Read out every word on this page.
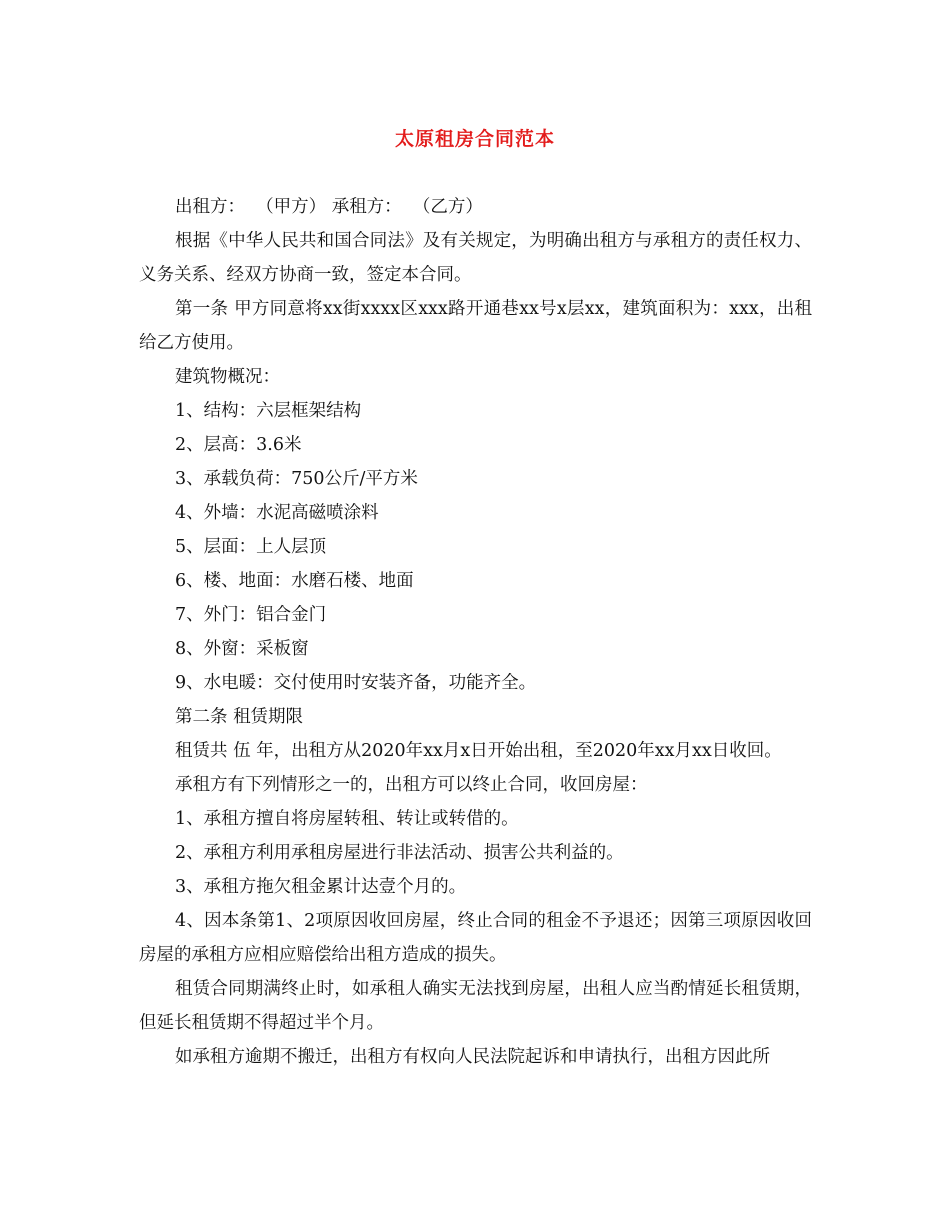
太原租房合同范本

出租方：  （甲方） 承租方：  （乙方）

根据《中华人民共和国合同法》及有关规定，为明确出租方与承租方的责任权力、义务关系、经双方协商一致，签定本合同。

第一条 甲方同意将xx街xxxx区xxx路开通巷xx号x层xx，建筑面积为：xxx，出租给乙方使用。

建筑物概况：

1、结构：六层框架结构

2、层高：3.6米

3、承载负荷：750公斤/平方米

4、外墙：水泥高磁喷涂料

5、层面：上人层顶

6、楼、地面：水磨石楼、地面

7、外门：铝合金门

8、外窗：采板窗

9、水电暖：交付使用时安装齐备，功能齐全。

第二条 租赁期限

租赁共 伍 年，出租方从2020年xx月x日开始出租，至2020年xx月xx日收回。

承租方有下列情形之一的，出租方可以终止合同，收回房屋：

1、承租方擅自将房屋转租、转让或转借的。

2、承租方利用承租房屋进行非法活动、损害公共利益的。

3、承租方拖欠租金累计达壹个月的。

4、因本条第1、2项原因收回房屋，终止合同的租金不予退还；因第三项原因收回房屋的承租方应相应赔偿给出租方造成的损失。

租赁合同期满终止时，如承租人确实无法找到房屋，出租人应当酌情延长租赁期，但延长租赁期不得超过半个月。

如承租方逾期不搬迁，出租方有权向人民法院起诉和申请执行，出租方因此所
